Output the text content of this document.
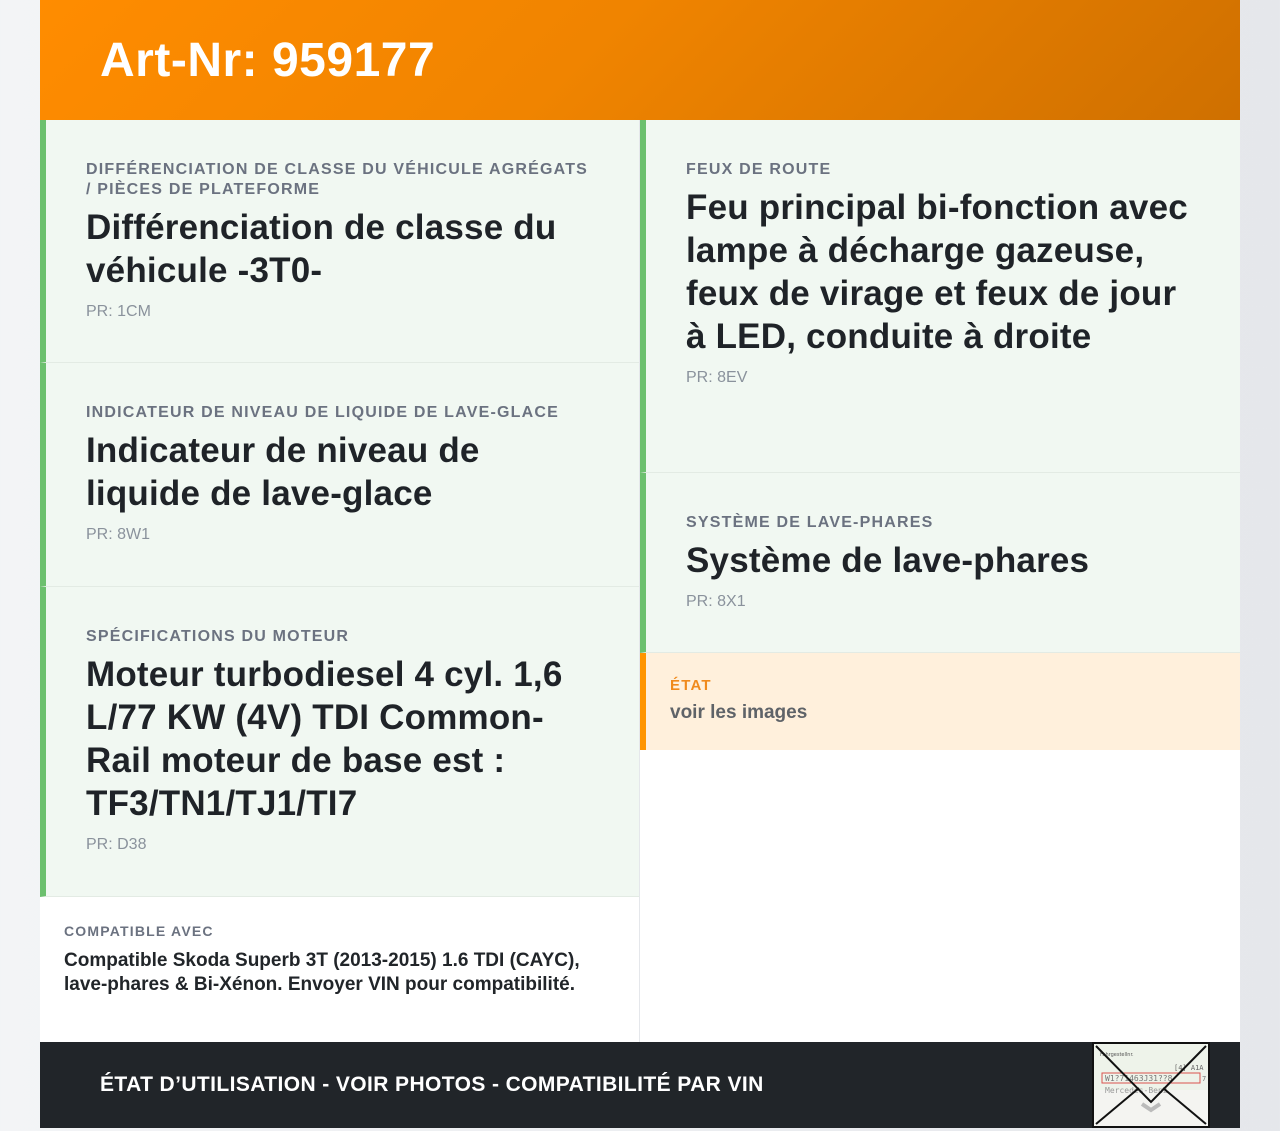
Art-Nr: 959177
DIFFÉRENCIATION DE CLASSE DU VÉHICULE AGRÉGATS / PIÈCES DE PLATEFORME
Différenciation de classe du véhicule -3T0-
PR: 1CM
INDICATEUR DE NIVEAU DE LIQUIDE DE LAVE-GLACE
Indicateur de niveau de liquide de lave-glace
PR: 8W1
SPÉCIFICATIONS DU MOTEUR
Moteur turbodiesel 4 cyl. 1,6 L/77 KW (4V) TDI Common-Rail moteur de base est : TF3/TN1/TJ1/TI7
PR: D38
COMPATIBLE AVEC
Compatible Skoda Superb 3T (2013-2015) 1.6 TDI (CAYC), lave-phares & Bi-Xénon. Envoyer VIN pour compatibilité.
FEUX DE ROUTE
Feu principal bi-fonction avec lampe à décharge gazeuse, feux de virage et feux de jour à LED, conduite à droite
PR: 8EV
SYSTÈME DE LAVE-PHARES
Système de lave-phares
PR: 8X1
ÉTAT
voir les images
ÉTAT D’UTILISATION - VOIR PHOTOS - COMPATIBILITÉ PAR VIN
Fahrgestellnr.
[4] A1A
W1?71463J31??8	7
Mercedes-Benz
